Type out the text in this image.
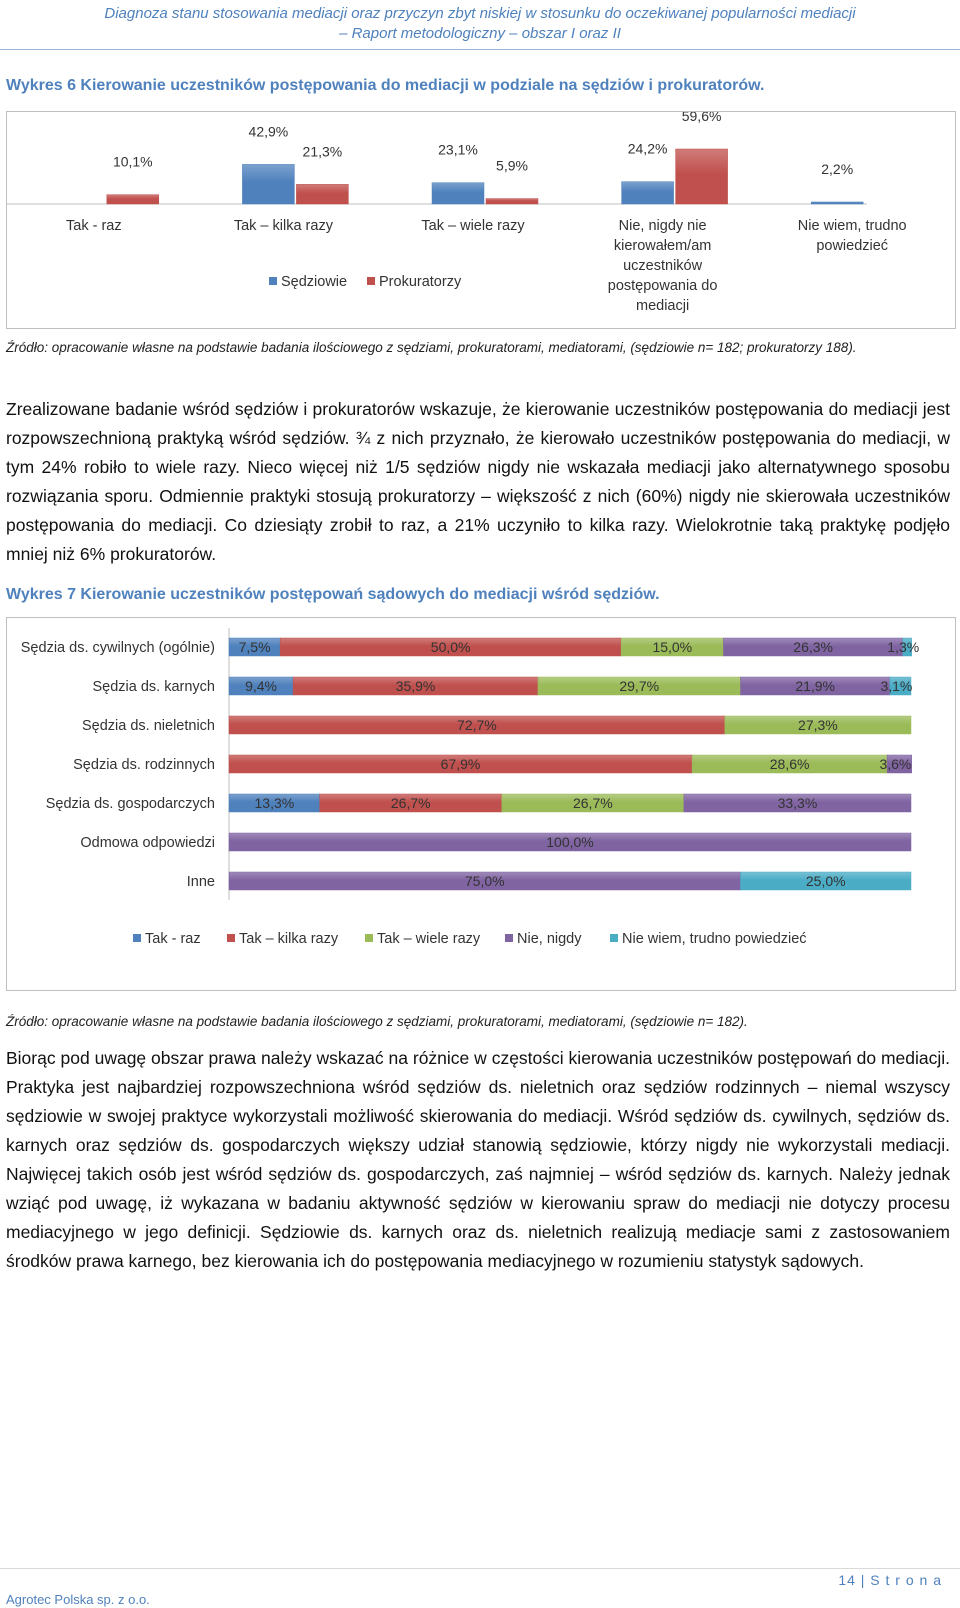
Diagnoza stanu stosowania mediacji oraz przyczyn zbyt niskiej w stosunku do oczekiwanej popularności mediacji
– Raport metodologiczny – obszar I oraz II
Wykres 6 Kierowanie uczestników postępowania do mediacji w podziale na sędziów i prokuratorów.
10,1%
Tak - raz
42,9%
21,3%
Tak – kilka razy
23,1%
5,9%
Tak – wiele razy
24,2%
59,6%
Nie, nigdy nie
kierowałem/am
uczestników
postępowania do
mediacji
2,2%
Nie wiem, trudno
powiedzieć
Sędziowie Prokuratorzy
Źródło: opracowanie własne na podstawie badania ilościowego z sędziami, prokuratorami, mediatorami, (sędziowie n= 182; prokuratorzy 188).
Zrealizowane badanie wśród sędziów i prokuratorów wskazuje, że kierowanie uczestników postępowania do mediacji jest rozpowszechnioną praktyką wśród sędziów. ¾ z nich przyznało, że kierowało uczestników postępowania do mediacji, w tym 24% robiło to wiele razy. Nieco więcej niż 1/5 sędziów nigdy nie wskazała mediacji jako alternatywnego sposobu rozwiązania sporu. Odmiennie praktyki stosują prokuratorzy – większość z nich (60%) nigdy nie skierowała uczestników postępowania do mediacji. Co dziesiąty zrobił to raz, a 21% uczyniło to kilka razy. Wielokrotnie taką praktykę podjęło mniej niż 6% prokuratorów.
Wykres 7 Kierowanie uczestników postępowań sądowych do mediacji wśród sędziów.
Sędzia ds. cywilnych (ogólnie) 7,5%	50,0%	15,0%	26,3%	1,3%
Sędzia ds. karnych 9,4%	35,9%	29,7%	21,9%	3,1%
Sędzia ds. nieletnich	72,7%	27,3%
Sędzia ds. rodzinnych	67,9%	28,6%	3,6%
Sędzia ds. gospodarczych	13,3%	26,7%	26,7%	33,3%
Odmowa odpowiedzi	100,0%
Inne	75,0%	25,0%
Tak - raz	Tak – kilka razy	Tak – wiele razy	Nie, nigdy	Nie wiem, trudno powiedzieć
Źródło: opracowanie własne na podstawie badania ilościowego z sędziami, prokuratorami, mediatorami, (sędziowie n= 182).
Biorąc pod uwagę obszar prawa należy wskazać na różnice w częstości kierowania uczestników postępowań do mediacji. Praktyka jest najbardziej rozpowszechniona wśród sędziów ds. nieletnich oraz sędziów rodzinnych – niemal wszyscy sędziowie w swojej praktyce wykorzystali możliwość skierowania do mediacji. Wśród sędziów ds. cywilnych, sędziów ds. karnych oraz sędziów ds. gospodarczych większy udział stanowią sędziowie, którzy nigdy nie wykorzystali mediacji. Najwięcej takich osób jest wśród sędziów ds. gospodarczych, zaś najmniej – wśród sędziów ds. karnych. Należy jednak wziąć pod uwagę, iż wykazana w badaniu aktywność sędziów w kierowaniu spraw do mediacji nie dotyczy procesu mediacyjnego w jego definicji. Sędziowie ds. karnych oraz ds. nieletnich realizują mediacje sami z zastosowaniem środków prawa karnego, bez kierowania ich do postępowania mediacyjnego w rozumieniu statystyk sądowych.
14 | S t r o n a
Agrotec Polska sp. z o.o.
